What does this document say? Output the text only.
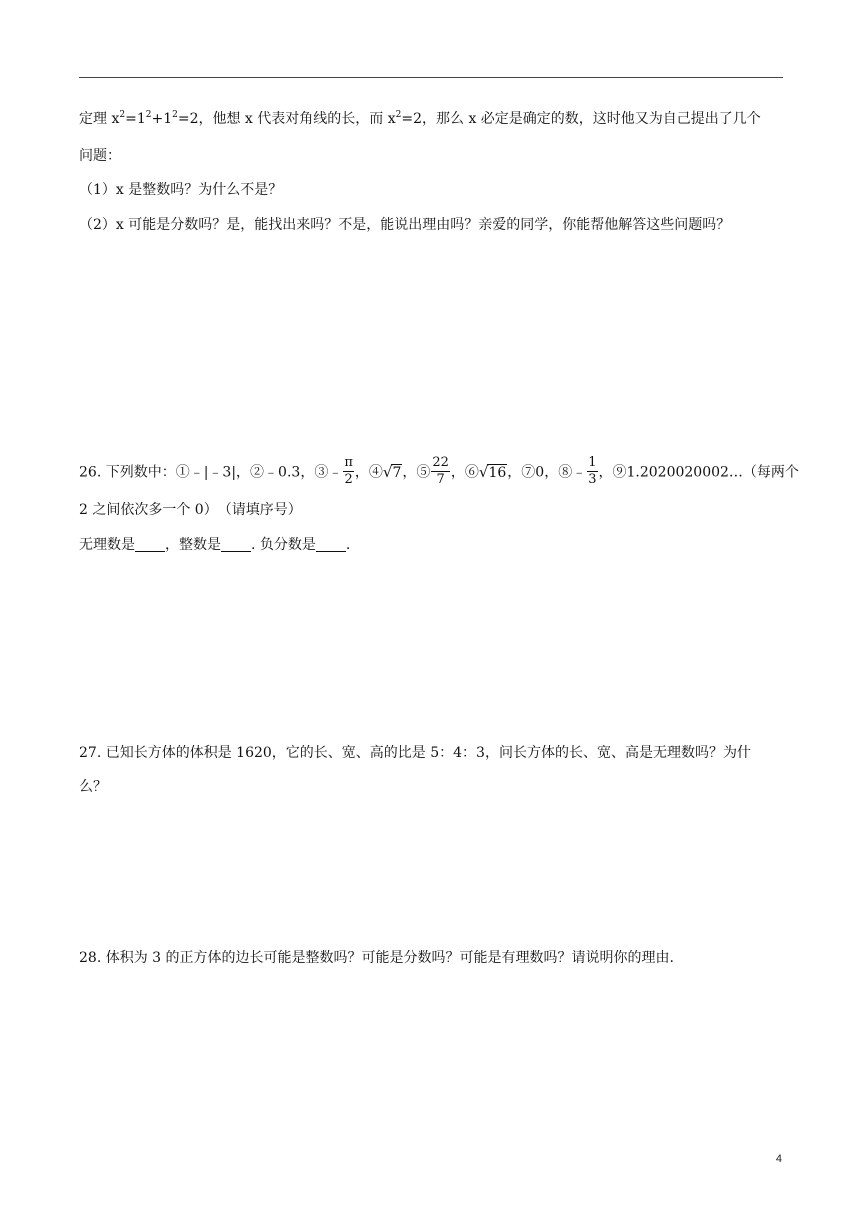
定理 $x^2=1^2+1^2=2$，他想 x 代表对角线的长，而 $x^2=2$，那么 x 必定是确定的数，这时他又为自己提出了几个
问题：
（1）x 是整数吗？为什么不是？
（2）x 可能是分数吗？是，能找出来吗？不是，能说出理由吗？亲爱的同学，你能帮他解答这些问题吗？
26. 下列数中：①﹣|﹣3|，②﹣0.3，③﹣ $\frac{\pi}{2}$ ，④√7，⑤ $\frac{22}{7}$ ，⑥√16，⑦0，⑧﹣ $\frac{1}{3}$ ，⑨1.2020020002…（每两个
2 之间依次多一个 0）　（请填序号）
无理数是 ，整数是 . 负分数是 .
27. 已知长方体的体积是 1620，它的长、宽、高的比是 5：4：3，问长方体的长、宽、高是无理数吗？为什
么？
28. 体积为 3 的正方体的边长可能是整数吗？可能是分数吗？可能是有理数吗？请说明你的理由.
4
